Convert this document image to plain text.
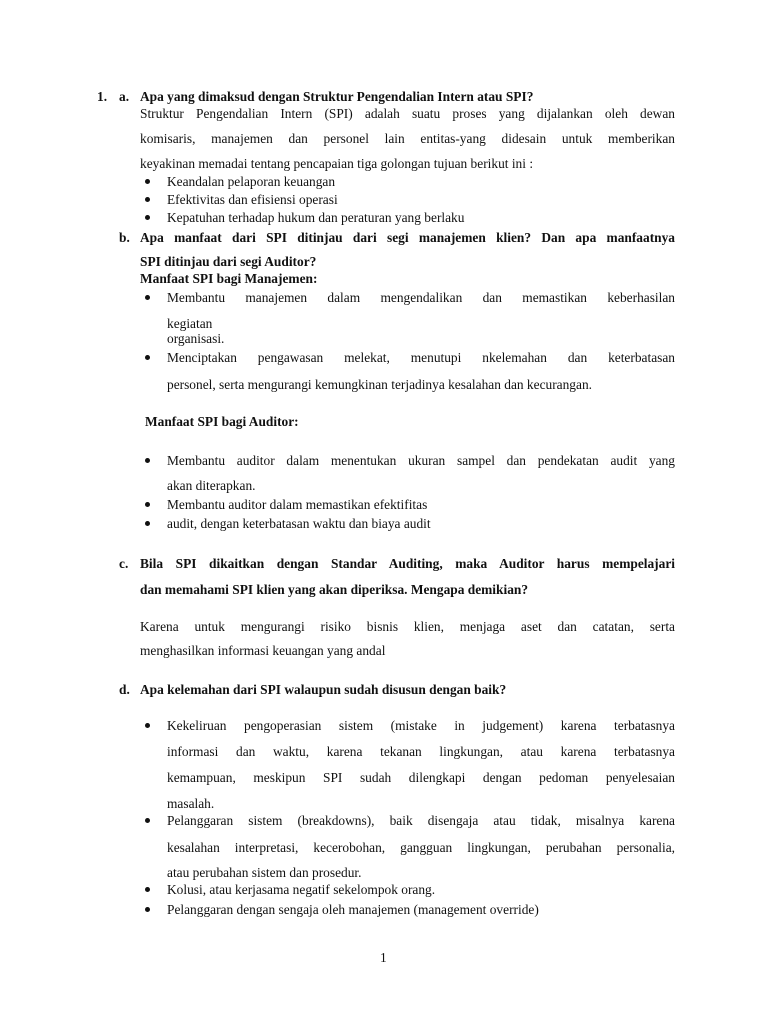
1. a. Apa yang dimaksud dengan Struktur Pengendalian Intern atau SPI?
Struktur Pengendalian Intern (SPI) adalah suatu proses yang dijalankan oleh dewan
komisaris, manajemen dan personel lain entitas-yang didesain untuk memberikan
keyakinan memadai tentang pencapaian tiga golongan tujuan berikut ini :
Keandalan pelaporan keuangan
Efektivitas dan efisiensi operasi
Kepatuhan terhadap hukum dan peraturan yang berlaku
b. Apa manfaat dari SPI ditinjau dari segi manajemen klien? Dan apa manfaatnya
SPI ditinjau dari segi Auditor?
Manfaat SPI bagi Manajemen:
Membantu manajemen dalam mengendalikan dan memastikan keberhasilan
kegiatan
organisasi.
Menciptakan pengawasan melekat, menutupi nkelemahan dan keterbatasan
personel, serta mengurangi kemungkinan terjadinya kesalahan dan kecurangan.
Manfaat SPI bagi Auditor:
Membantu auditor dalam menentukan ukuran sampel dan pendekatan audit yang
akan diterapkan.
Membantu auditor dalam memastikan efektifitas
audit, dengan keterbatasan waktu dan biaya audit
c. Bila SPI dikaitkan dengan Standar Auditing, maka Auditor harus mempelajari
dan memahami SPI klien yang akan diperiksa. Mengapa demikian?
Karena untuk mengurangi risiko bisnis klien, menjaga aset dan catatan, serta
menghasilkan informasi keuangan yang andal
d. Apa kelemahan dari SPI walaupun sudah disusun dengan baik?
Kekeliruan pengoperasian sistem (mistake in judgement) karena terbatasnya
informasi dan waktu, karena tekanan lingkungan, atau karena terbatasnya
kemampuan, meskipun SPI sudah dilengkapi dengan pedoman penyelesaian
masalah.
Pelanggaran sistem (breakdowns), baik disengaja atau tidak, misalnya karena
kesalahan interpretasi, kecerobohan, gangguan lingkungan, perubahan personalia,
atau perubahan sistem dan prosedur.
Kolusi, atau kerjasama negatif sekelompok orang.
Pelanggaran dengan sengaja oleh manajemen (management override)
1
